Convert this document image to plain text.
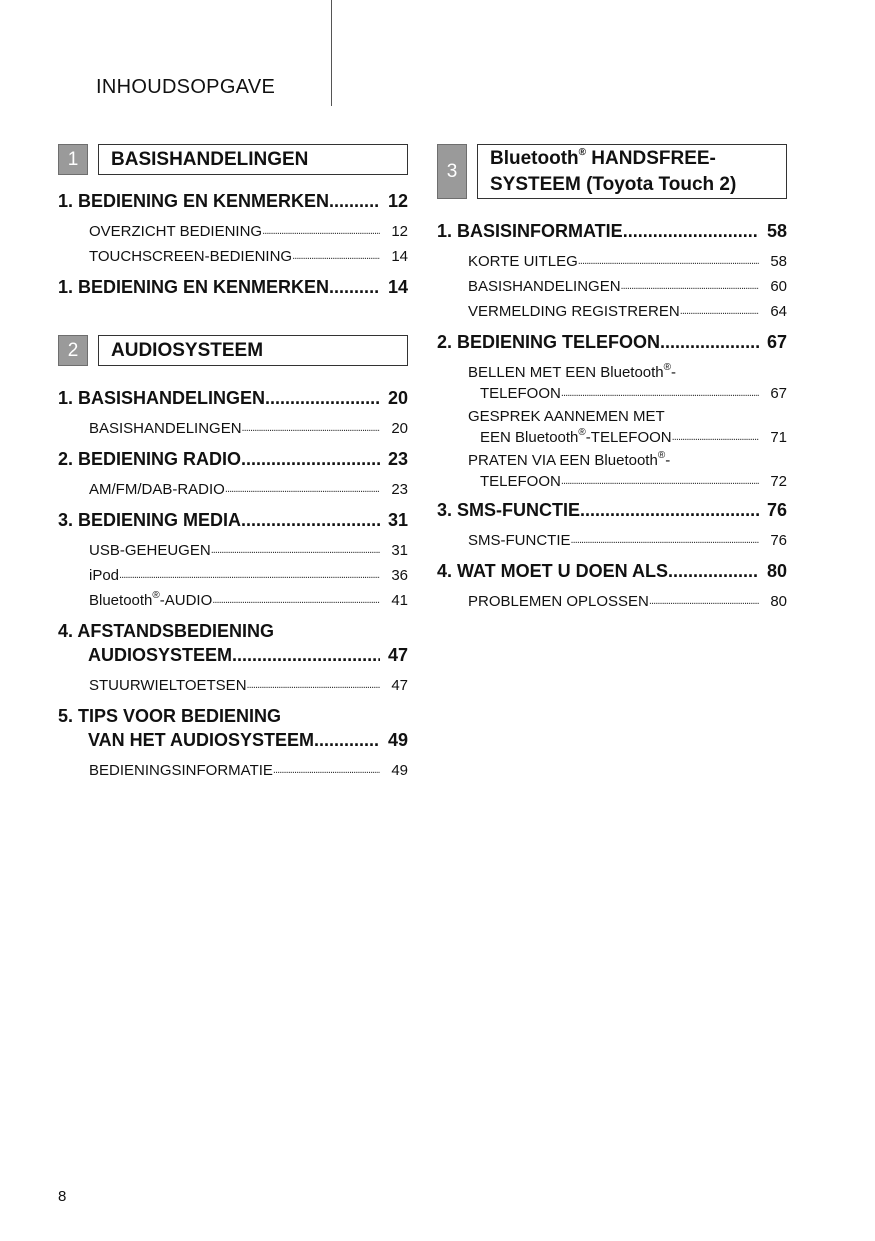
INHOUDSOPGAVE
1	BASISHANDELINGEN
1. BEDIENING EN KENMERKEN . . .	12
OVERZICHT BEDIENING . . .	12
TOUCHSCREEN-BEDIENING . . .	14
1. BEDIENING EN KENMERKEN . . .	14
2	AUDIOSYSTEEM
1. BASISHANDELINGEN . . .	20
BASISHANDELINGEN . . .	20
2. BEDIENING RADIO . . .	23
AM/FM/DAB-RADIO . . .	23
3. BEDIENING MEDIA . . .	31
USB-GEHEUGEN . . .	31
iPod . . .	36
Bluetooth®-AUDIO . . .	41
4. AFSTANDSBEDIENING
AUDIOSYSTEEM . . .	47
STUURWIELTOETSEN . . .	47
5. TIPS VOOR BEDIENING
VAN HET AUDIOSYSTEEM . . .	49
BEDIENINGSINFORMATIE . . .	49
3
Bluetooth® HANDSFREE-
SYSTEEM (Toyota Touch 2)
1. BASISINFORMATIE . . .	58
KORTE UITLEG . . .	58
BASISHANDELINGEN . . .	60
VERMELDING REGISTREREN . . .	64
2. BEDIENING TELEFOON . . .	67
BELLEN MET EEN Bluetooth®-
TELEFOON . . .	67
GESPREK AANNEMEN MET
EEN Bluetooth®-TELEFOON . . .	71
PRATEN VIA EEN Bluetooth®-
TELEFOON . . .	72
3. SMS-FUNCTIE . . .	76
SMS-FUNCTIE . . .	76
4. WAT MOET U DOEN ALS... . . .	80
PROBLEMEN OPLOSSEN . . .	80
8
